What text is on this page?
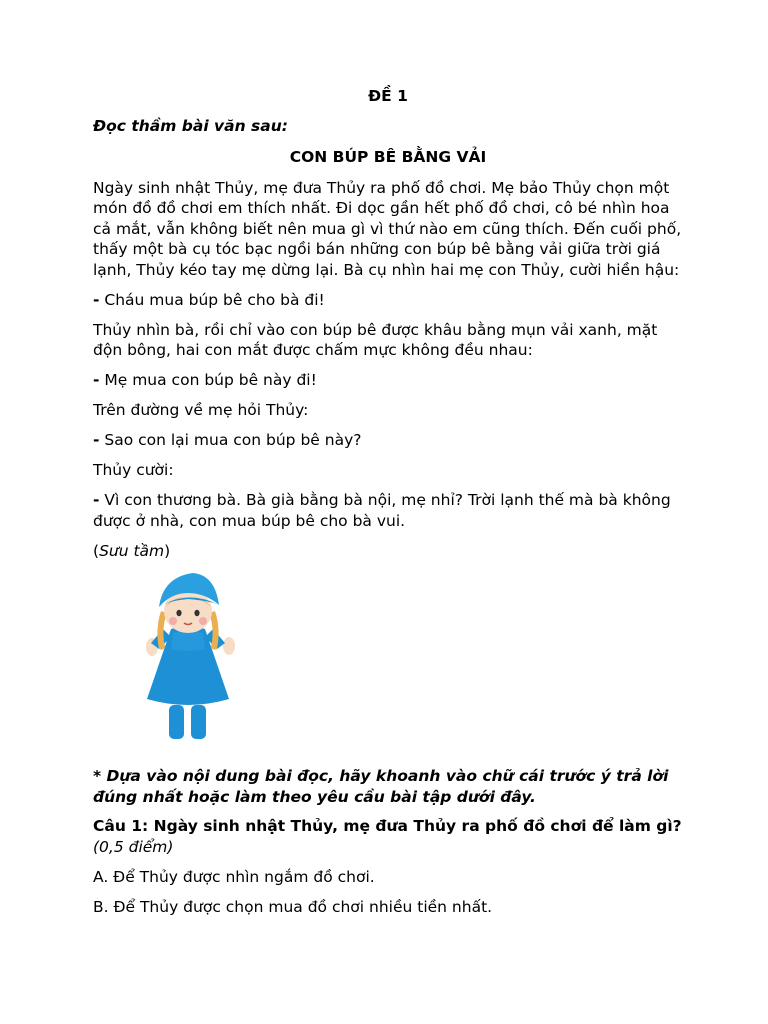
ĐỀ 1
Đọc thầm bài văn sau:
CON BÚP BÊ BẰNG VẢI

Ngày sinh nhật Thủy, mẹ đưa Thủy ra phố đồ chơi. Mẹ bảo Thủy chọn một món đồ đồ chơi em thích nhất. Đi dọc gần hết phố đồ chơi, cô bé nhìn hoa cả mắt, vẫn không biết nên mua gì vì thứ nào em cũng thích. Đến cuối phố, thấy một bà cụ tóc bạc ngồi bán những con búp bê bằng vải giữa trời giá lạnh, Thủy kéo tay mẹ dừng lại. Bà cụ nhìn hai mẹ con Thủy, cười hiền hậu:

- Cháu mua búp bê cho bà đi!

Thủy nhìn bà, rồi chỉ vào con búp bê được khâu bằng mụn vải xanh, mặt độn bông, hai con mắt được chấm mực không đều nhau:

- Mẹ mua con búp bê này đi!

Trên đường về mẹ hỏi Thủy:

- Sao con lại mua con búp bê này?

Thủy cười:

- Vì con thương bà. Bà già bằng bà nội, mẹ nhỉ? Trời lạnh thế mà bà không được ở nhà, con mua búp bê cho bà vui.

(Sưu tầm)

* Dựa vào nội dung bài đọc, hãy khoanh vào chữ cái trước ý trả lời đúng nhất hoặc làm theo yêu cầu bài tập dưới đây.
Câu 1: Ngày sinh nhật Thủy, mẹ đưa Thủy ra phố đồ chơi để làm gì? (0,5 điểm)
A. Để Thủy được nhìn ngắm đồ chơi.
B. Để Thủy được chọn mua đồ chơi nhiều tiền nhất.
